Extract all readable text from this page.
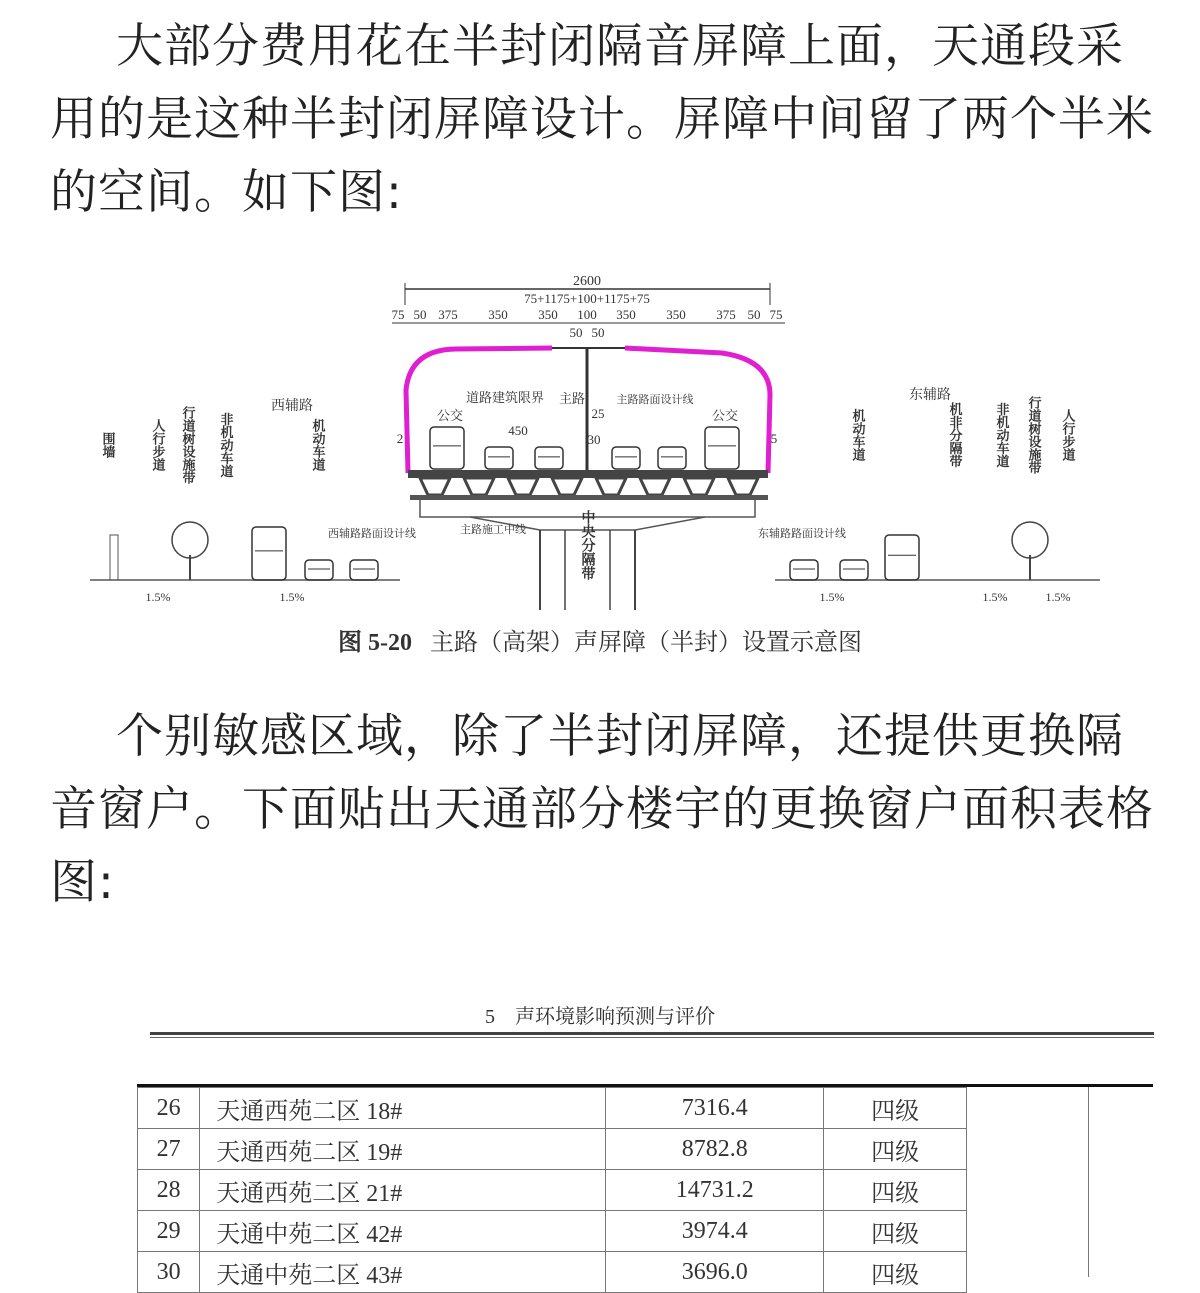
大部分费用花在半封闭隔音屏障上面，天通段采用的是这种半封闭屏障设计。屏障中间留了两个半米的空间。如下图:
2600
75+1175+100+1175+75
75 50 375 350 350 100 350 350 375 50 75
50 50
中央分隔带
公交	公交
道路建筑限界 主路	主路路面设计线
450
25
30
2	5
主路施工中线
西辅路
东辅路
围墙	人行步道 行道树设施带 非机动车道	机动车道	机动车道	机非分隔带 非机动车道 行道树设施带 人行步道
西辅路路面设计线	东辅路路面设计线
1.5%	1.5%	1.5%	1.5%	1.5%
图 5-20 主路（高架）声屏障（半封）设置示意图
个别敏感区域，除了半封闭屏障，还提供更换隔音窗户。下面贴出天通部分楼宇的更换窗户面积表格图:
5　声环境影响预测与评价
26	天通西苑二区 18#	7316.4	四级
27	天通西苑二区 19#	8782.8	四级
28	天通西苑二区 21#	14731.2	四级
29	天通中苑二区 42#	3974.4	四级
30	天通中苑二区 43#	3696.0	四级
